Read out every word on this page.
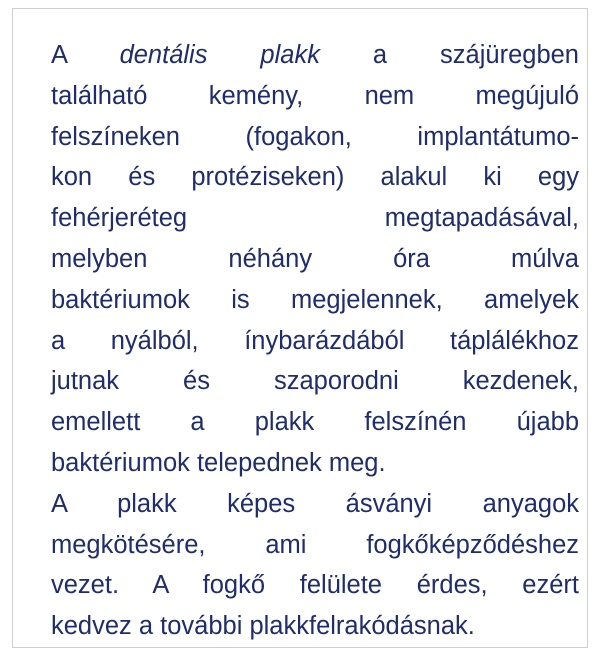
A dentális plakk a szájüregben
található kemény, nem megújuló
felszíneken (fogakon, implantátumo-
kon és protéziseken) alakul ki egy
fehérjeréteg megtapadásával,
melyben néhány óra múlva
baktériumok is megjelennek, amelyek
a nyálból, ínybarázdából táplálékhoz
jutnak és szaporodni kezdenek,
emellett a plakk felszínén újabb
baktériumok telepednek meg.
A plakk képes ásványi anyagok
megkötésére, ami fogkőképződéshez
vezet. A fogkő felülete érdes, ezért
kedvez a további plakkfelrakódásnak.
